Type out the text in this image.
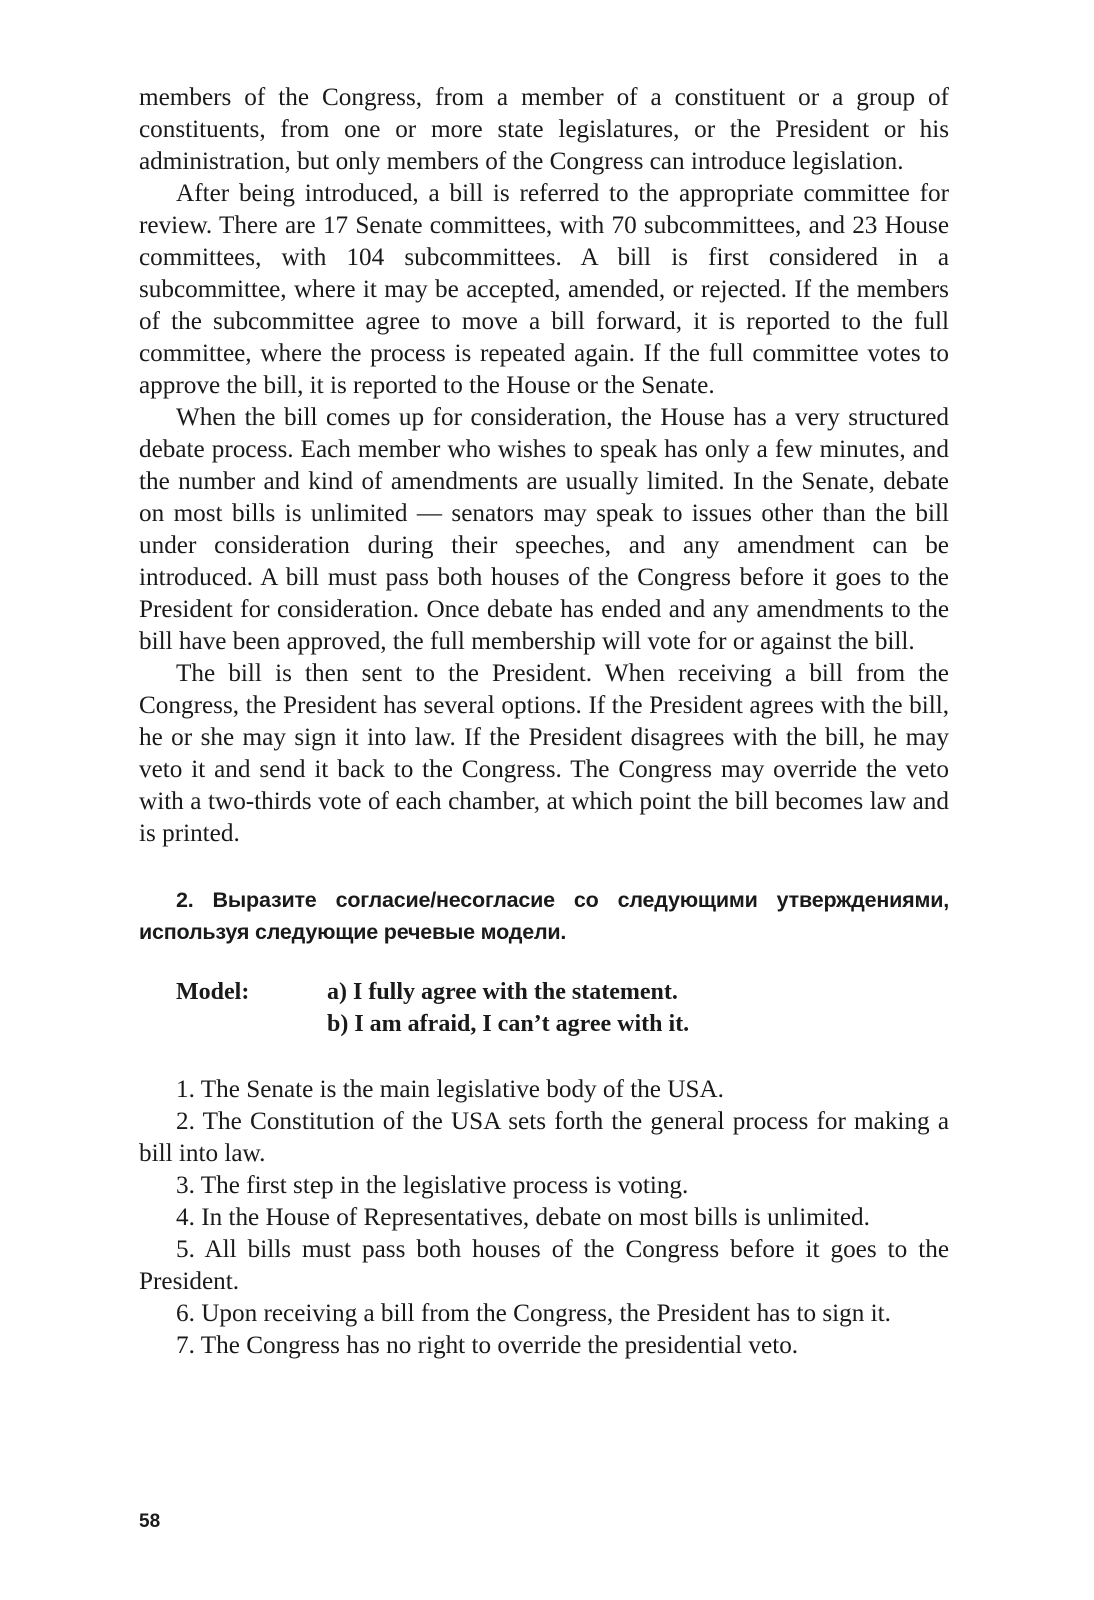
members of the Congress, from a member of a constituent or a group of constituents, from one or more state legislatures, or the President or his administration, but only members of the Congress can introduce legislation.

After being introduced, a bill is referred to the appropriate committee for review. There are 17 Senate committees, with 70 subcommittees, and 23 House committees, with 104 subcommittees. A bill is first considered in a subcommittee, where it may be accepted, amended, or rejected. If the members of the subcommittee agree to move a bill forward, it is reported to the full committee, where the process is repeated again. If the full committee votes to approve the bill, it is reported to the House or the Senate.

When the bill comes up for consideration, the House has a very structured debate process. Each member who wishes to speak has only a few minutes, and the number and kind of amendments are usually limited. In the Senate, debate on most bills is unlimited — senators may speak to issues other than the bill under consideration during their speeches, and any amendment can be introduced. A bill must pass both houses of the Congress before it goes to the President for consideration. Once debate has ended and any amendments to the bill have been approved, the full membership will vote for or against the bill.

The bill is then sent to the President. When receiving a bill from the Congress, the President has several options. If the President agrees with the bill, he or she may sign it into law. If the President disagrees with the bill, he may veto it and send it back to the Congress. The Congress may override the veto with a two-thirds vote of each chamber, at which point the bill becomes law and is printed.

2. Выразите согласие/несогласие со следующими утверждениями, используя следующие речевые модели.

Model:	a) I fully agree with the statement.
b) I am afraid, I can’t agree with it.

1. The Senate is the main legislative body of the USA.

2. The Constitution of the USA sets forth the general process for making a bill into law.

3. The first step in the legislative process is voting.

4. In the House of Representatives, debate on most bills is unlimited.

5. All bills must pass both houses of the Congress before it goes to the President.

6. Upon receiving a bill from the Congress, the President has to sign it.

7. The Congress has no right to override the presidential veto.

58
